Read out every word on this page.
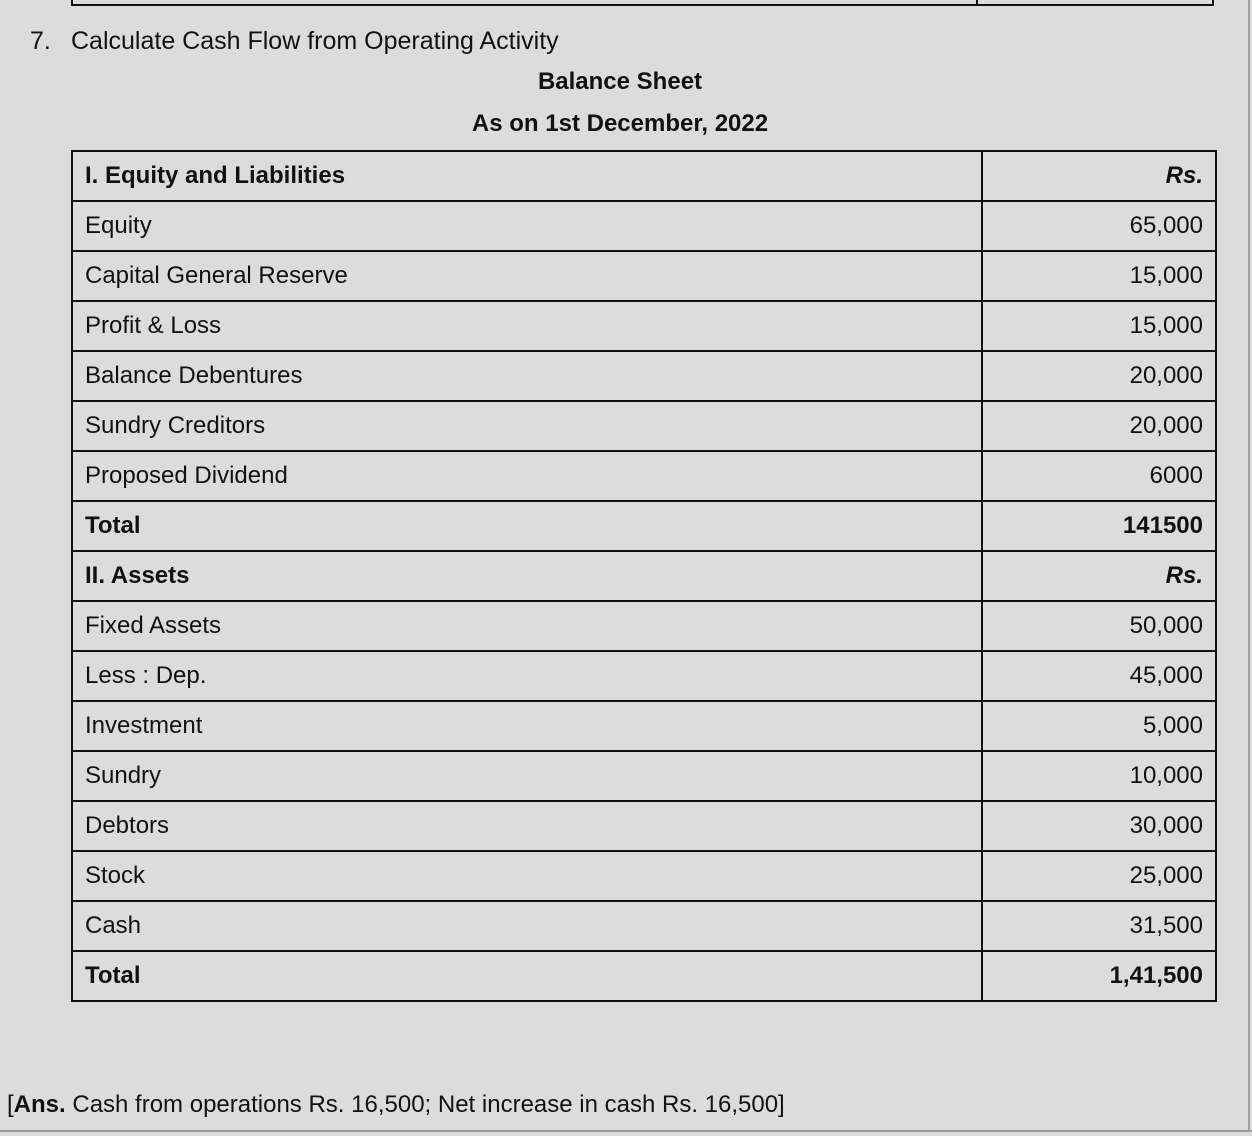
7. Calculate Cash Flow from Operating Activity
Balance Sheet
As on 1st December, 2022
I. Equity and Liabilities	Rs.
Equity	65,000
Capital General Reserve	15,000
Profit & Loss	15,000
Balance Debentures	20,000
Sundry Creditors	20,000
Proposed Dividend	6000
Total	141500
II. Assets	Rs.
Fixed Assets	50,000
Less : Dep.	45,000
Investment	5,000
Sundry	10,000
Debtors	30,000
Stock	25,000
Cash	31,500
Total	1,41,500
[Ans. Cash from operations Rs. 16,500; Net increase in cash Rs. 16,500]
